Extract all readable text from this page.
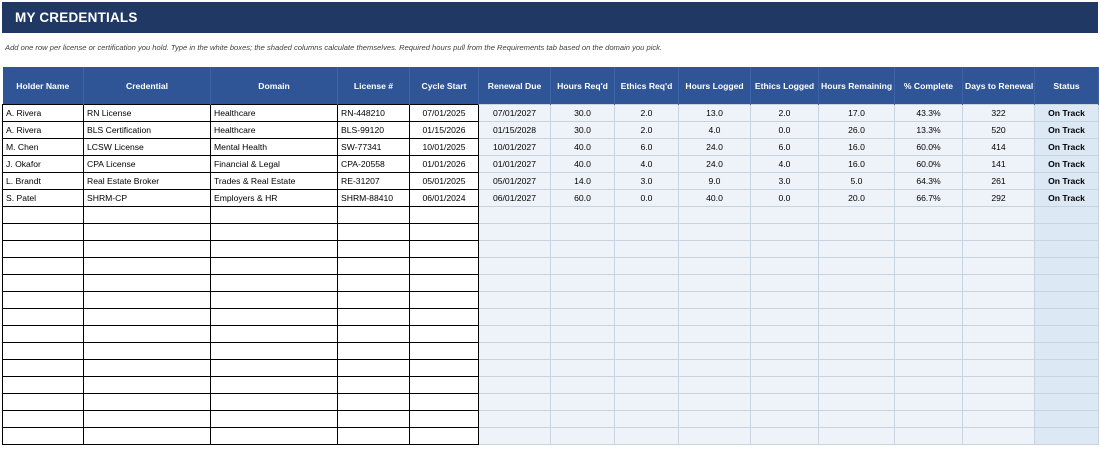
MY CREDENTIALS
Add one row per license or certification you hold. Type in the white boxes; the shaded columns calculate themselves. Required hours pull from the Requirements tab based on the domain you pick.
Holder Name	Credential	Domain	License #	Cycle Start	Renewal Due	Hours Req'd	Ethics Req'd	Hours Logged	Ethics Logged	Hours Remaining	% Complete	Days to Renewal	Status
A. Rivera	RN License	Healthcare	RN-448210	07/01/2025	07/01/2027	30.0	2.0	13.0	2.0	17.0	43.3%	322	On Track
A. Rivera	BLS Certification	Healthcare	BLS-99120	01/15/2026	01/15/2028	30.0	2.0	4.0	0.0	26.0	13.3%	520	On Track
M. Chen	LCSW License	Mental Health	SW-77341	10/01/2025	10/01/2027	40.0	6.0	24.0	6.0	16.0	60.0%	414	On Track
J. Okafor	CPA License	Financial & Legal	CPA-20558	01/01/2026	01/01/2027	40.0	4.0	24.0	4.0	16.0	60.0%	141	On Track
L. Brandt	Real Estate Broker	Trades & Real Estate	RE-31207	05/01/2025	05/01/2027	14.0	3.0	9.0	3.0	5.0	64.3%	261	On Track
S. Patel	SHRM-CP	Employers & HR	SHRM-88410	06/01/2024	06/01/2027	60.0	0.0	40.0	0.0	20.0	66.7%	292	On Track
